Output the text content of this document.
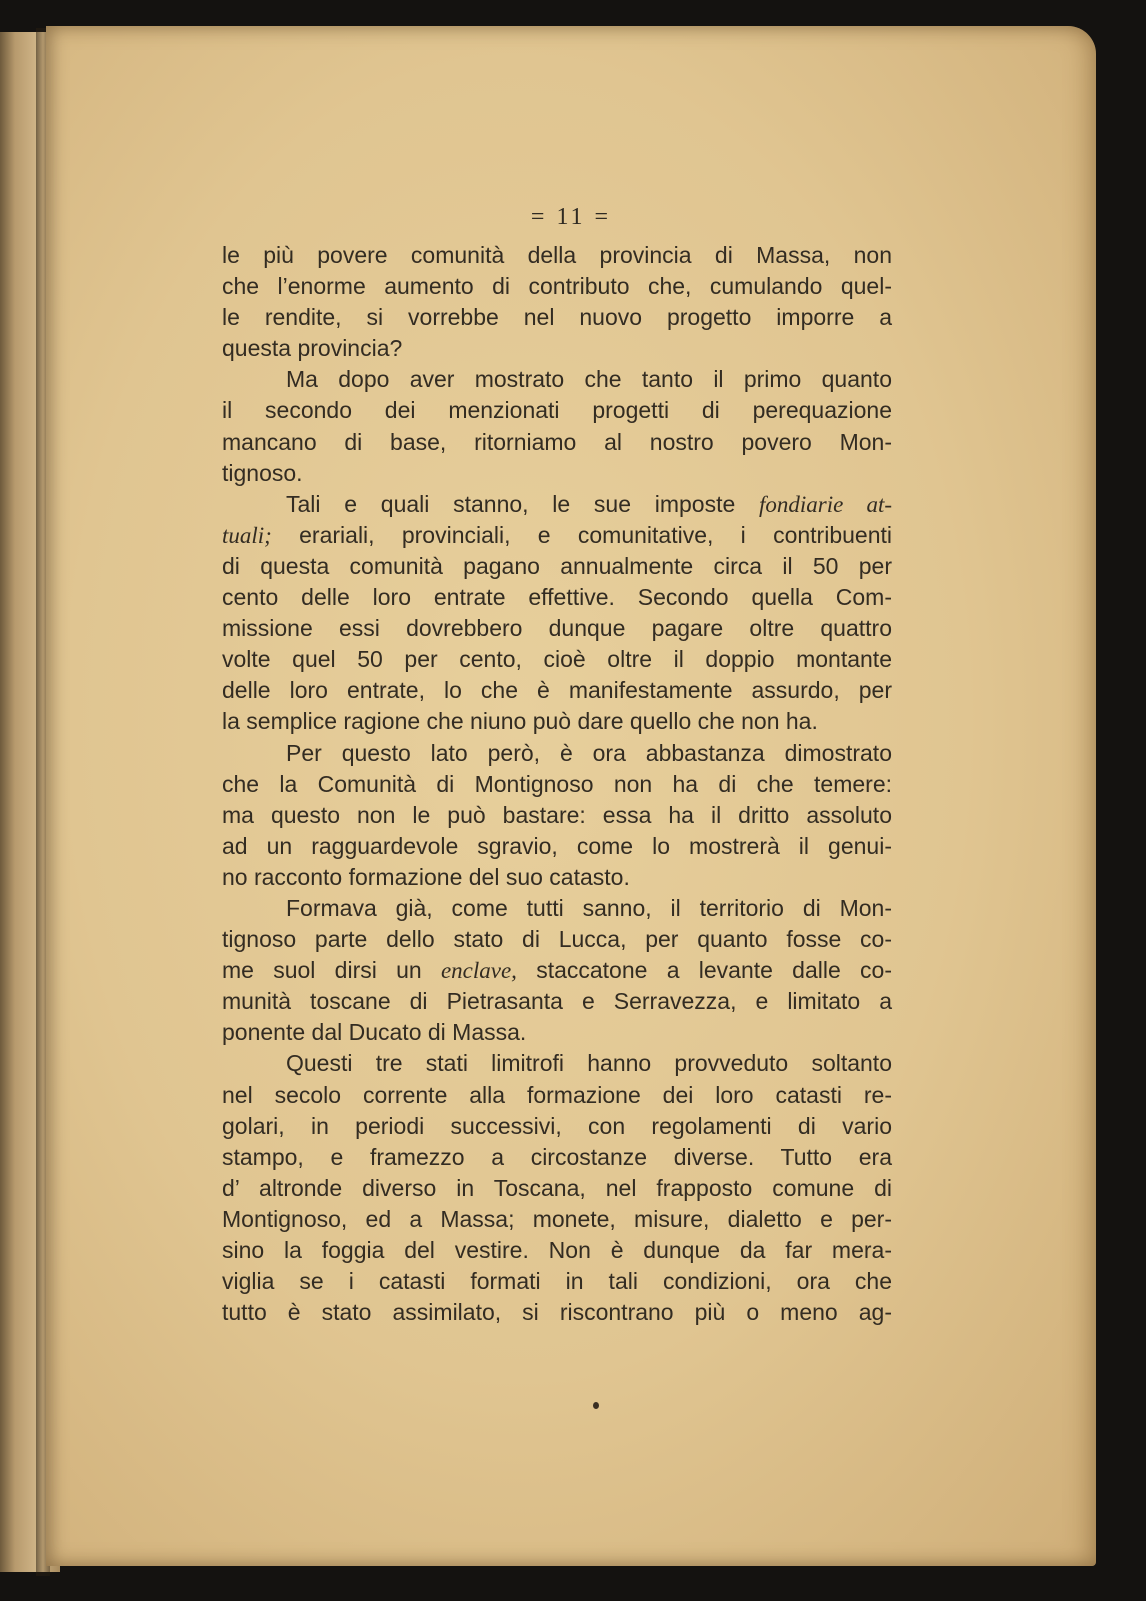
= 11 =
le più povere comunità della provincia di Massa, non
che l’enorme aumento di contributo che, cumulando quel-
le rendite, si vorrebbe nel nuovo progetto imporre a
questa provincia?
Ma dopo aver mostrato che tanto il primo quanto
il secondo dei menzionati progetti di perequazione
mancano di base, ritorniamo al nostro povero Mon-
tignoso.
Tali e quali stanno, le sue imposte fondiarie at-
tuali; erariali, provinciali, e comunitative, i contribuenti
di questa comunità pagano annualmente circa il 50 per
cento delle loro entrate effettive. Secondo quella Com-
missione essi dovrebbero dunque pagare oltre quattro
volte quel 50 per cento, cioè oltre il doppio montante
delle loro entrate, lo che è manifestamente assurdo, per
la semplice ragione che niuno può dare quello che non ha.
Per questo lato però, è ora abbastanza dimostrato
che la Comunità di Montignoso non ha di che temere:
ma questo non le può bastare: essa ha il dritto assoluto
ad un ragguardevole sgravio, come lo mostrerà il genui-
no racconto formazione del suo catasto.
Formava già, come tutti sanno, il territorio di Mon-
tignoso parte dello stato di Lucca, per quanto fosse co-
me suol dirsi un enclave, staccatone a levante dalle co-
munità toscane di Pietrasanta e Serravezza, e limitato a
ponente dal Ducato di Massa.
Questi tre stati limitrofi hanno provveduto soltanto
nel secolo corrente alla formazione dei loro catasti re-
golari, in periodi successivi, con regolamenti di vario
stampo, e framezzo a circostanze diverse. Tutto era
d’ altronde diverso in Toscana, nel frapposto comune di
Montignoso, ed a Massa; monete, misure, dialetto e per-
sino la foggia del vestire. Non è dunque da far mera-
viglia se i catasti formati in tali condizioni, ora che
tutto è stato assimilato, si riscontrano più o meno ag-
